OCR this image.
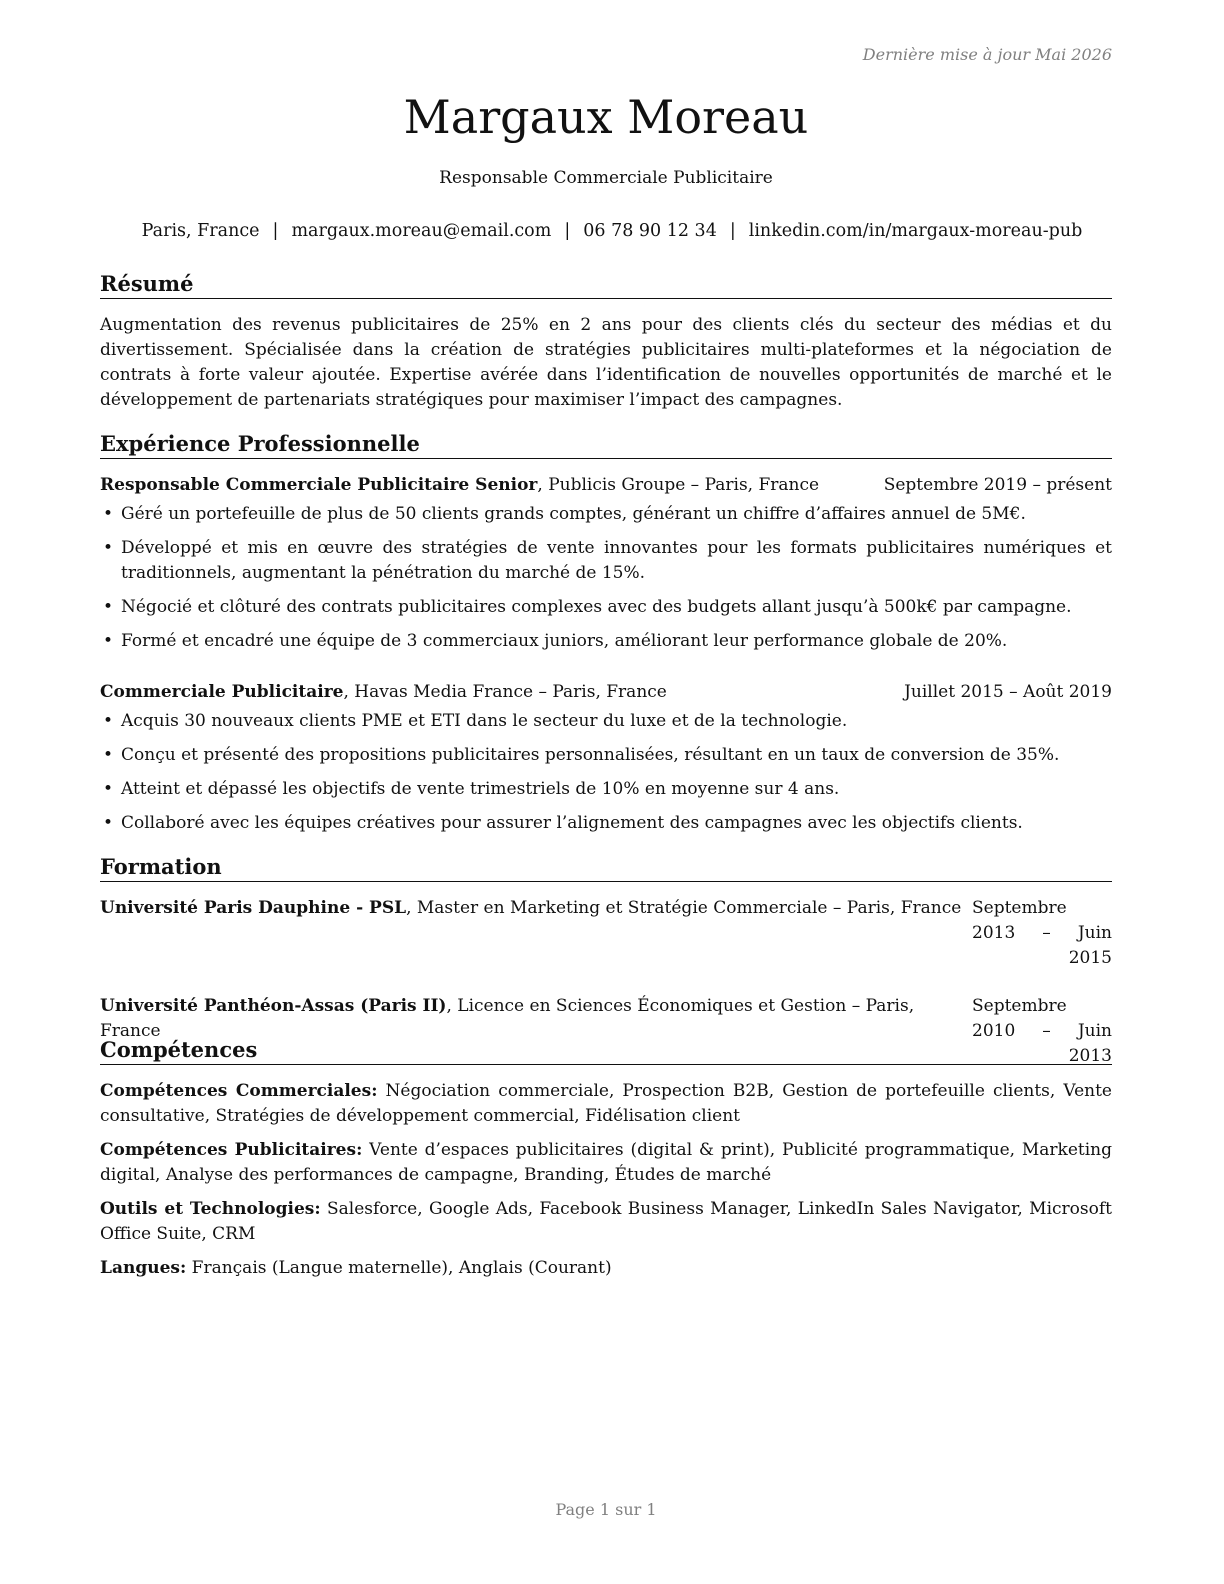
Dernière mise à jour Mai 2026
Margaux Moreau
Responsable Commerciale Publicitaire
Paris, France | margaux.moreau@email.com | 06 78 90 12 34 | linkedin.com/in/margaux-moreau-pub
Résumé

Augmentation des revenus publicitaires de 25% en 2 ans pour des clients clés du secteur des médias et du divertissement. Spécialisée dans la création de stratégies publicitaires multi-plateformes et la négociation de contrats à forte valeur ajoutée. Expertise avérée dans l’identification de nouvelles opportunités de marché et le développement de partenariats stratégiques pour maximiser l’impact des campagnes.

Expérience Professionnelle
Responsable Commerciale Publicitaire Senior, Publicis Groupe – Paris, France	Septembre 2019 – présent
• Géré un portefeuille de plus de 50 clients grands comptes, générant un chiffre d’affaires annuel de 5M€.
• Développé et mis en œuvre des stratégies de vente innovantes pour les formats publicitaires numériques et traditionnels, augmentant la pénétration du marché de 15%.
• Négocié et clôturé des contrats publicitaires complexes avec des budgets allant jusqu’à 500k€ par campagne.
• Formé et encadré une équipe de 3 commerciaux juniors, améliorant leur performance globale de 20%.
Commerciale Publicitaire, Havas Media France – Paris, France	Juillet 2015 – Août 2019
• Acquis 30 nouveaux clients PME et ETI dans le secteur du luxe et de la technologie.
• Conçu et présenté des propositions publicitaires personnalisées, résultant en un taux de conversion de 35%.
• Atteint et dépassé les objectifs de vente trimestriels de 10% en moyenne sur 4 ans.
• Collaboré avec les équipes créatives pour assurer l’alignement des campagnes avec les objectifs clients.
Formation
Université Paris Dauphine - PSL, Master en Marketing et Stratégie Commerciale – Paris, France Septembre 2013 – Juin 2015
Université Panthéon-Assas (Paris II), Licence en Sciences Économiques et Gestion – Paris, France
Septembre 2010 – Juin 2013
Compétences

Compétences Commerciales: Négociation commerciale, Prospection B2B, Gestion de portefeuille clients, Vente consultative, Stratégies de développement commercial, Fidélisation client

Compétences Publicitaires: Vente d’espaces publicitaires (digital & print), Publicité programmatique, Marketing digital, Analyse des performances de campagne, Branding, Études de marché

Outils et Technologies: Salesforce, Google Ads, Facebook Business Manager, LinkedIn Sales Navigator, Microsoft Office Suite, CRM

Langues: Français (Langue maternelle), Anglais (Courant)

Page 1 sur 1
